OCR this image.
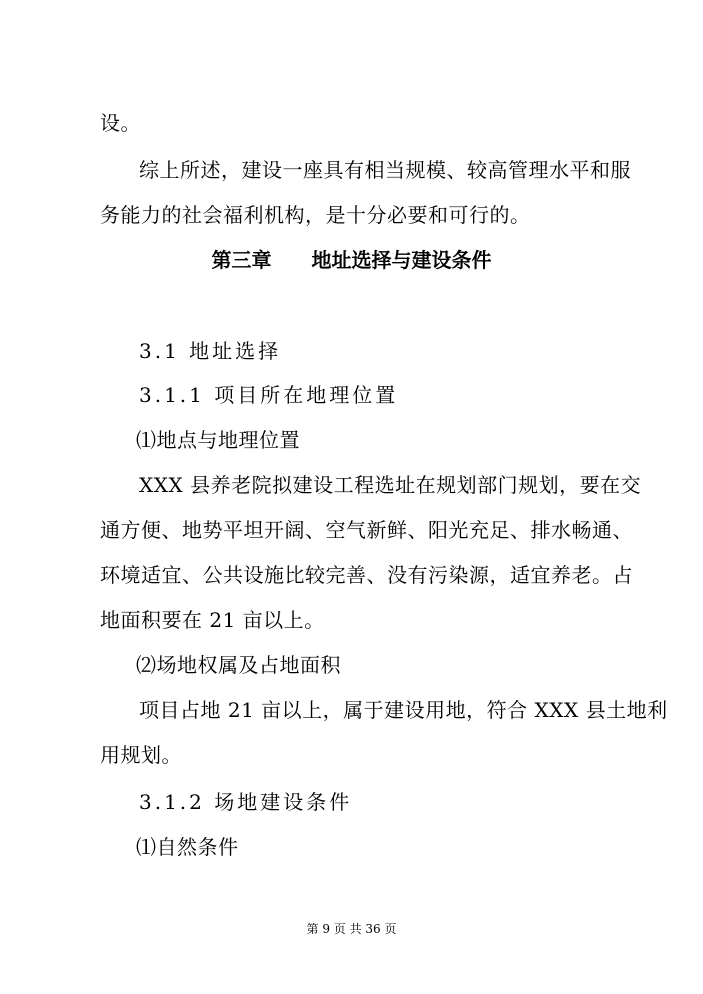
设。
综上所述，建设一座具有相当规模、较高管理水平和服
务能力的社会福利机构，是十分必要和可行的。
第三章 地址选择与建设条件
3.1 地址选择
3.1.1 项目所在地理位置
⑴地点与地理位置
XXX 县养老院拟建设工程选址在规划部门规划，要在交
通方便、地势平坦开阔、空气新鲜、阳光充足、排水畅通、
环境适宜、公共设施比较完善、没有污染源，适宜养老。占
地面积要在 21 亩以上。
⑵场地权属及占地面积
项目占地 21 亩以上，属于建设用地，符合 XXX 县土地利
用规划。
3.1.2 场地建设条件
⑴自然条件
第 9 页 共 36 页
